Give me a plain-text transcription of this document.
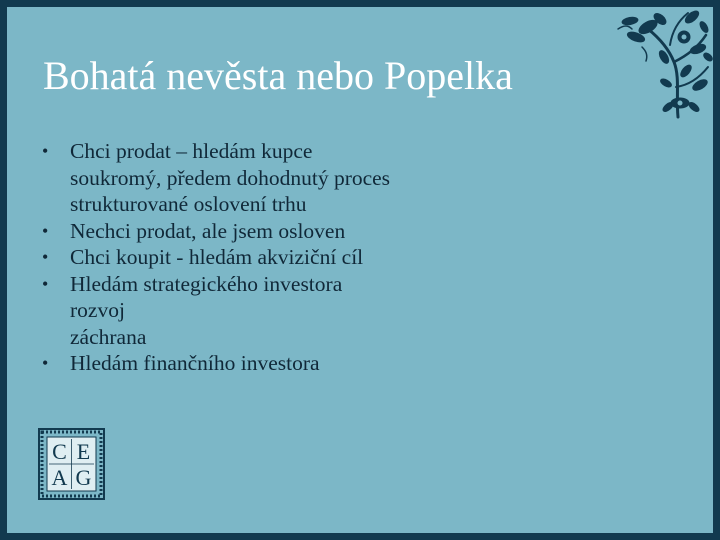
Bohatá nevěsta nebo Popelka
• Chci prodat – hledám kupce
soukromý, předem dohodnutý proces
strukturované oslovení trhu
• Nechci prodat, ale jsem osloven
• Chci koupit - hledám akviziční cíl
• Hledám strategického investora
rozvoj
záchrana
• Hledám finančního investora
C E
A G
